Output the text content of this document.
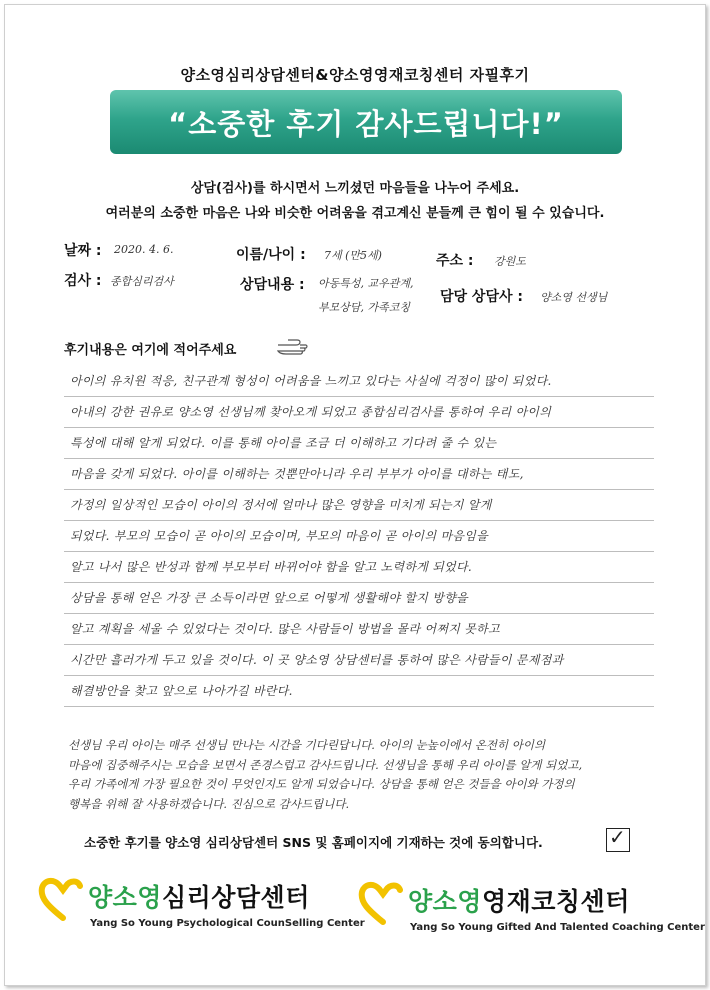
양소영심리상담센터&양소영영재코칭센터 자필후기
“소중한 후기 감사드립니다!”
상담(검사)를 하시면서 느끼셨던 마음들을 나누어 주세요.
여러분의 소중한 마음은 나와 비슷한 어려움을 겪고계신 분들께 큰 힘이 될 수 있습니다.
날짜 : 2020. 4. 6.	이름/나이 : 7세 (만5세)	주소 : 강원도
검사 : 종합심리검사	상담내용 : 아동특성, 교우관계,
부모상담, 가족코칭
담당 상담사 : 양소영 선생님
후기내용은 여기에 적어주세요
아이의 유치원 적응, 친구관계 형성이 어려움을 느끼고 있다는 사실에 걱정이 많이 되었다.
아내의 강한 권유로 양소영 선생님께 찾아오게 되었고 종합심리검사를 통하여 우리 아이의
특성에 대해 알게 되었다. 이를 통해 아이를 조금 더 이해하고 기다려 줄 수 있는
마음을 갖게 되었다. 아이를 이해하는 것뿐만아니라 우리 부부가 아이를 대하는 태도,
가정의 일상적인 모습이 아이의 정서에 얼마나 많은 영향을 미치게 되는지 알게
되었다. 부모의 모습이 곧 아이의 모습이며, 부모의 마음이 곧 아이의 마음임을
알고 나서 많은 반성과 함께 부모부터 바뀌어야 함을 알고 노력하게 되었다.
상담을 통해 얻은 가장 큰 소득이라면 앞으로 어떻게 생활해야 할지 방향을
알고 계획을 세울 수 있었다는 것이다. 많은 사람들이 방법을 몰라 어쩌지 못하고
시간만 흘러가게 두고 있을 것이다. 이 곳 양소영 상담센터를 통하여 많은 사람들이 문제점과
해결방안을 찾고 앞으로 나아가길 바란다.
선생님 우리 아이는 매주 선생님 만나는 시간을 기다린답니다. 아이의 눈높이에서 온전히 아이의
마음에 집중해주시는 모습을 보면서 존경스럽고 감사드립니다. 선생님을 통해 우리 아이를 알게 되었고,
우리 가족에게 가장 필요한 것이 무엇인지도 알게 되었습니다. 상담을 통해 얻은 것들을 아이와 가정의
행복을 위해 잘 사용하겠습니다. 진심으로 감사드립니다.
소중한 후기를 양소영 심리상담센터 SNS 및 홈페이지에 기재하는 것에 동의합니다.	✓
양소영심리상담센터
Yang So Young Psychological CounSelling Center
양소영영재코칭센터
Yang So Young Gifted And Talented Coaching Center
